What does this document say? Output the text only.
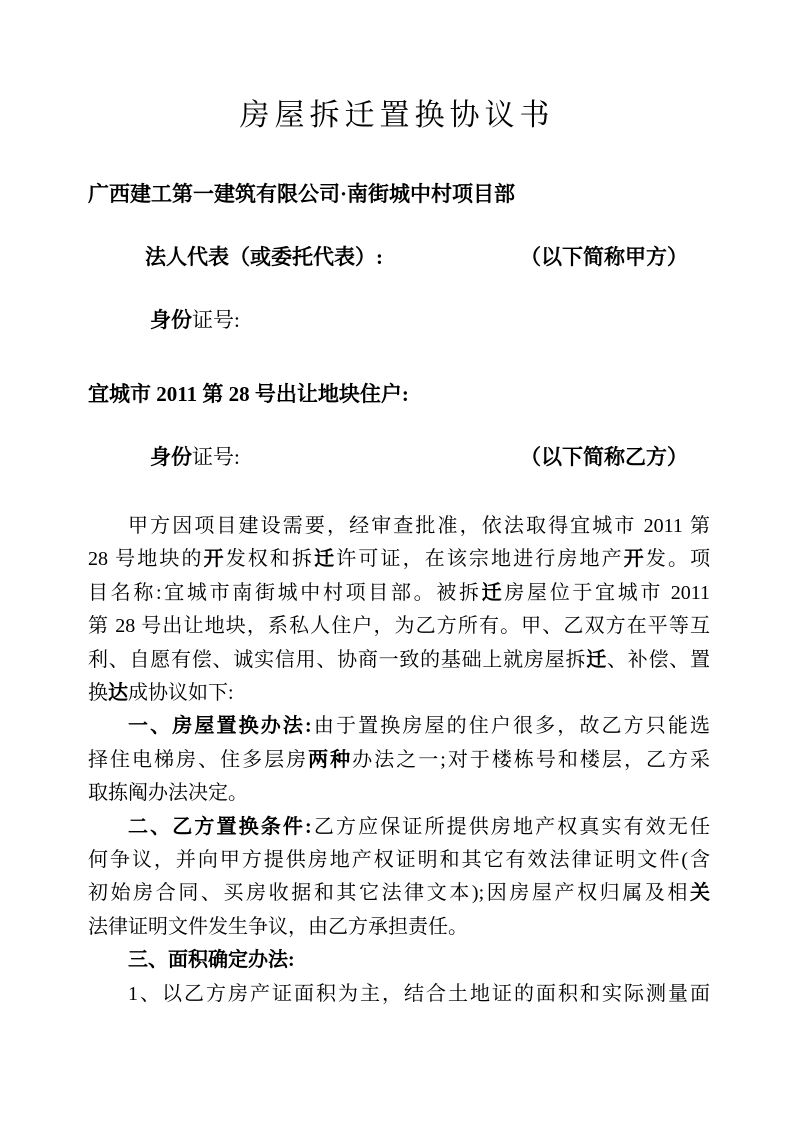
房屋拆迁置换协议书
广西建工第一建筑有限公司·南街城中村项目部
法人代表（或委托代表）:	（以下简称甲方）
身份证号:
宜城市 2011 第 28 号出让地块住户:
身份证号:	（以下简称乙方）
甲方因项目建设需要，经审查批准，依法取得宜城市 2011 第
28 号地块的开发权和拆迁许可证，在该宗地进行房地产开发。项
目名称:宜城市南街城中村项目部。被拆迁房屋位于宜城市 2011
第 28 号出让地块，系私人住户，为乙方所有。甲、乙双方在平等互
利、自愿有偿、诚实信用、协商一致的基础上就房屋拆迁、补偿、置
换达成协议如下:
一、房屋置换办法:由于置换房屋的住户很多，故乙方只能选
择住电梯房、住多层房两种办法之一;对于楼栋号和楼层，乙方采
取拣阄办法决定。
二、乙方置换条件:乙方应保证所提供房地产权真实有效无任
何争议，并向甲方提供房地产权证明和其它有效法律证明文件(含
初始房合同、买房收据和其它法律文本);因房屋产权归属及相关
法律证明文件发生争议，由乙方承担责任。
三、面积确定办法:
1、以乙方房产证面积为主，结合土地证的面积和实际测量面
